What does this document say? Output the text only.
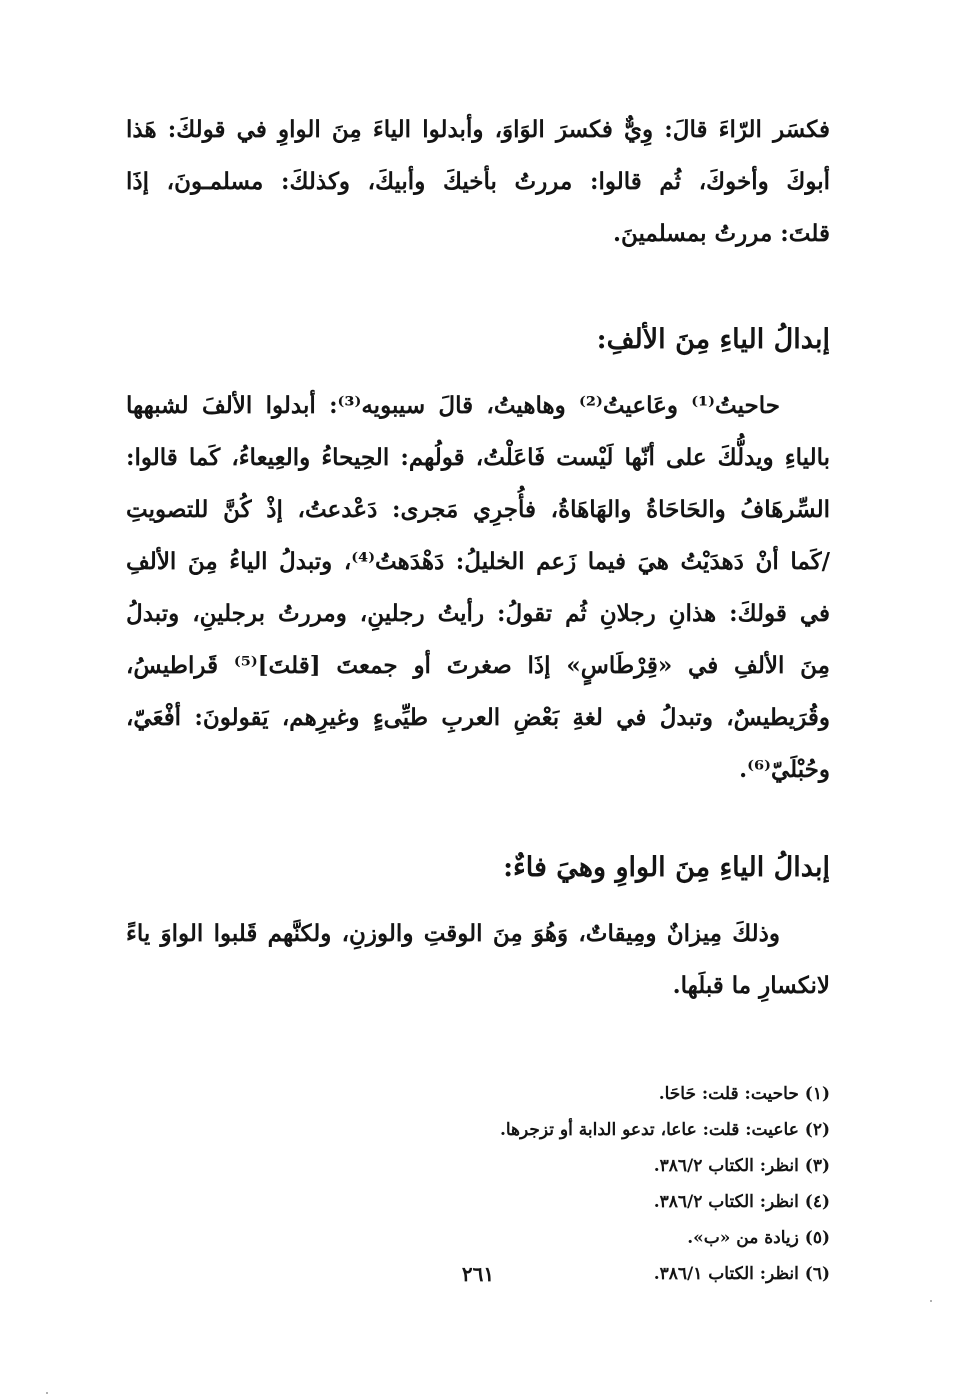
فكسَر الرّاءَ قالَ: وِيٌّ فكسرَ الوَاوَ، وأبدلوا الياءَ مِنَ الواوِ في قولكَ: هَذا
أبوكَ وأخوكَ، ثُم قالوا: مررتُ بأخيكَ وأبيكَ، وكذلكَ: مسلمـونَ، إذَا
قلتَ: مررتُ بمسلمينَ.

إبدالُ الياءِ مِنَ الألفِ:

حاحيتُ⁽¹⁾ وعَاعيتُ⁽²⁾ وهاهيتُ، قالَ سيبويه⁽³⁾: أبدلوا الألفَ لشبهها
بالياءِ ويدلُّكَ على أنّها لَيْست فَاعَلْتُ، قولُهم: الحِيحاءُ والعِيعاءُ، كَما قالوا:
السِّرهَافُ والحَاحَاةُ والهَاهَاةُ، فأُجرِي مَجرى: دَعْدعتُ، إذْ كُنَّ للتصويتِ
/كَما أنْ دَهدَيْتُ هيَ فيما زَعم الخليلُ: دَهْدَهتُ⁽⁴⁾، وتبدلُ الياءُ مِنَ الألفِ
في قولكَ: هذانِ رجلانِ ثُم تقولُ: رأيتُ رجلينِ، ومررتُ برجلينِ، وتبدلُ
مِنَ الألفِ في «قِرْطَاسٍ» إذَا صغرتَ أو جمعتَ [قلتَ]⁽⁵⁾ قَراطيسُ،
وقُرَيطيسٌ، وتبدلُ في لغةِ بَعْضِ العربِ طيِّىءٍ وغيرِهم، يَقولونَ: أفْعَيّ،
وحُبْلَيّ⁽⁶⁾.

إبدالُ الياءِ مِنَ الواوِ وهيَ فاءٌ:

وذلكَ مِيزانٌ ومِيقاتٌ، وَهُوَ مِنَ الوقتِ والوزنِ، ولكنَّهم قَلبوا الواوَ ياءً
لانكسارِ ما قبلَها.

(١) حاحيت: قلت: حَاحَا.
(٢) عاعيت: قلت: عاعا، تدعو الدابة أو تزجرها.
(٣) انظر: الكتاب ٣٨٦/٢.
(٤) انظر: الكتاب ٣٨٦/٢.
(٥) زيادة من «ب».
(٦) انظر: الكتاب ٣٨٦/١.
٢٦١
